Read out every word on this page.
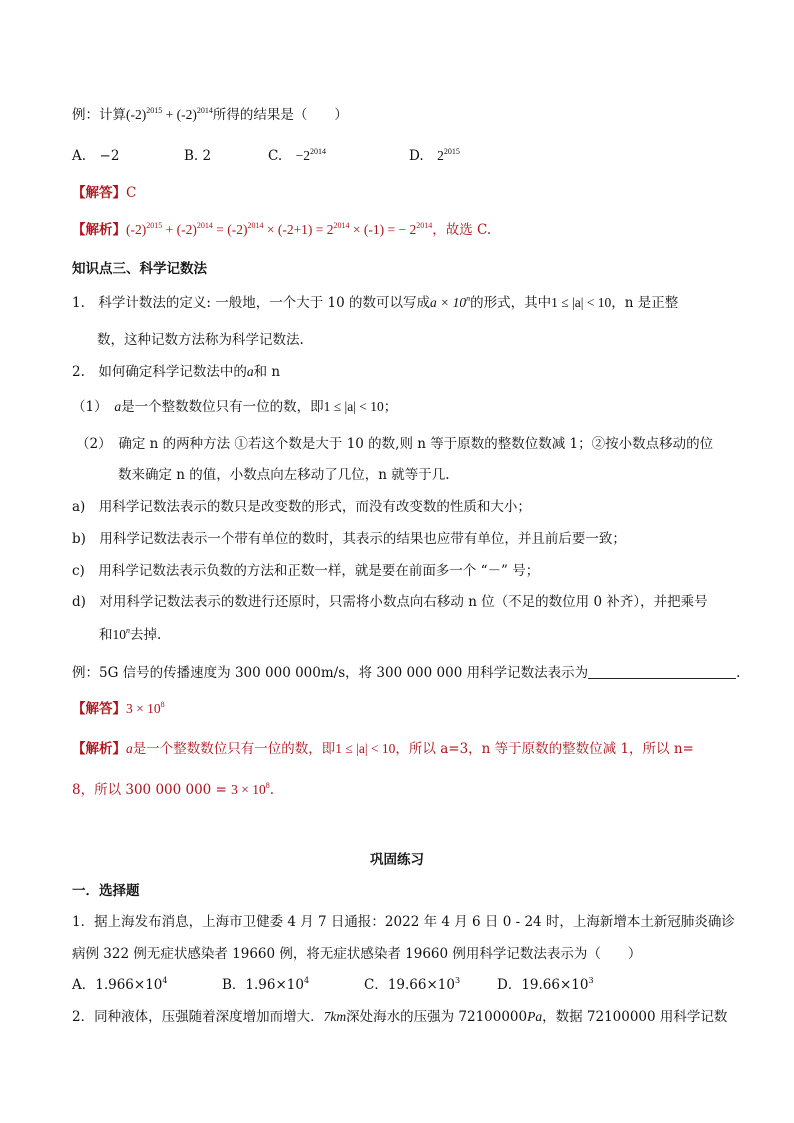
例：计算$(-2)^{2015} + (-2)^{2014}$所得的结果是（　　）
A.　−2	B. 2	C.　$-2^{2014}$	D.　$2^{2015}$
【解答】C
【解析】$(-2)^{2015} + (-2)^{2014} = (-2)^{2014} \times (-2+1) = 2^{2014} \times (-1)$ = − $2^{2014}$，故选 C.
知识点三、科学记数法
1.　科学计数法的定义: 一般地，一个大于 10 的数可以写成$a \times 10^n$的形式，其中1 ≤ |a| < 10，n 是正整
数，这种记数方法称为科学记数法.
2.　如何确定科学记数法中的a和 n
（1）　a是一个整数数位只有一位的数，即1 ≤ |a| < 10；
（2）　确定 n 的两种方法 ①若这个数是大于 10 的数,则 n 等于原数的整数位数减 1；②按小数点移动的位
数来确定 n 的值，小数点向左移动了几位，n 就等于几.
a)　用科学记数法表示的数只是改变数的形式，而没有改变数的性质和大小；
b)　用科学记数法表示一个带有单位的数时，其表示的结果也应带有单位，并且前后要一致；
c)　用科学记数法表示负数的方法和正数一样，就是要在前面多一个 “－” 号；
d)　对用科学记数法表示的数进行还原时，只需将小数点向右移动 n 位（不足的数位用 0 补齐），并把乘号
和10$^n$去掉.
例：5G 信号的传播速度为 300 000 000m/s，将 300 000 000 用科学记数法表示为	.
【解答】$3 \times 10^8$
【解析】a是一个整数数位只有一位的数，即1 ≤ |a| < 10，所以 a=3，n 等于原数的整数位减 1，所以 n=
8，所以 300 000 $000 = 3 \times 10^8$.
巩固练习
一．选择题
1．据上海发布消息，上海市卫健委 4 月 7 日通报：2022 年 4 月 6 日 0 - 24 时，上海新增本土新冠肺炎确诊
病例 322 例无症状感染者 19660 例，将无症状感染者 19660 例用科学记数法表示为（　　）
A．$1.966\times 10^4$	B．$1.96\times 10^4$	C．$19.66\times 10^3$	D．$19.66\times 10^3$
2．同种液体，压强随着深度增加而增大．7km深处海水的压强为 72100000Pa，数据 72100000 用科学记数
